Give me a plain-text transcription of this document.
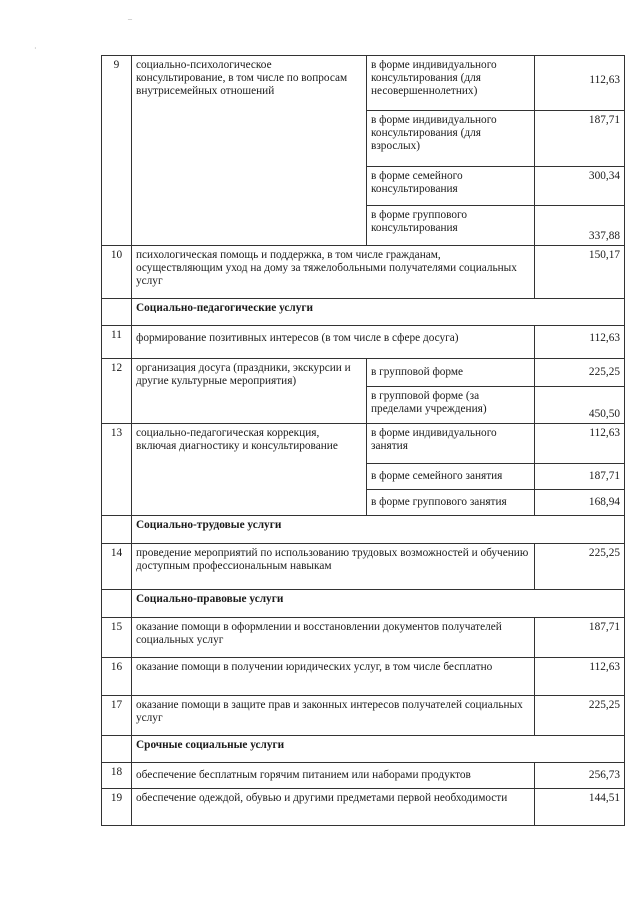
–
·
9	социально-психологическое консультирование, в том числе по вопросам внутрисемейных отношений	в форме индивидуального консультирования (для несовершеннолетних)	112,63
		в форме индивидуального консультирования (для взрослых)	187,71
		в форме семейного консультирования	300,34
		в форме группового консультирования	337,88
10	психологическая помощь и поддержка, в том числе гражданам, осуществляющим уход на дому за тяжелобольными получателями социальных услуг		150,17
	Социально-педагогические услуги		
11	формирование позитивных интересов (в том числе в сфере досуга)		112,63
12	организация досуга (праздники, экскурсии и другие культурные мероприятия)	в групповой форме	225,25
		в групповой форме (за пределами учреждения)	450,50
13	социально-педагогическая коррекция, включая диагностику и консультирование	в форме индивидуального занятия	112,63
		в форме семейного занятия	187,71
		в форме группового занятия	168,94
	Социально-трудовые услуги		
14	проведение мероприятий по использованию трудовых возможностей и обучению доступным профессиональным навыкам		225,25
	Социально-правовые услуги		
15	оказание помощи в оформлении и восстановлении документов получателей социальных услуг		187,71
16	оказание помощи в получении юридических услуг, в том числе бесплатно		112,63
17	оказание помощи в защите прав и законных интересов получателей социальных услуг		225,25
	Срочные социальные услуги		
18	обеспечение бесплатным горячим питанием или наборами продуктов		256,73
19	обеспечение одеждой, обувью и другими предметами первой необходимости		144,51
